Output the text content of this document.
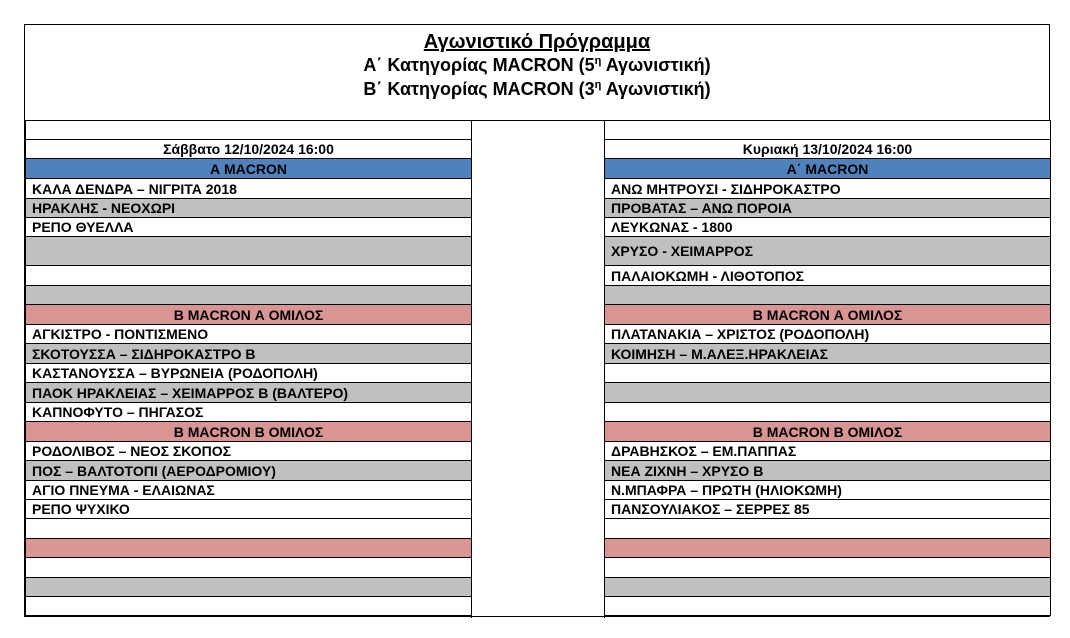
Αγωνιστικό Πρόγραμμα
Α΄ Κατηγορίας MACRON ($5^\eta$ Αγωνιστική)
Β΄ Κατηγορίας MACRON ($3^\eta$ Αγωνιστική)
Σάββατο 12/10/2024 16:00
Α MACRON
ΚΑΛΑ ΔΕΝΔΡΑ – ΝΙΓΡΙΤΑ 2018
ΗΡΑΚΛΗΣ - ΝΕΟΧΩΡΙ
ΡΕΠΟ ΘΥΕΛΛΑ
Β MACRON Α ΟΜΙΛΟΣ
ΑΓΚΙΣΤΡΟ - ΠΟΝΤΙΣΜΕΝΟ
ΣΚΟΤΟΥΣΣΑ – ΣΙΔΗΡΟΚΑΣΤΡΟ Β
ΚΑΣΤΑΝΟΥΣΣΑ – ΒΥΡΩΝΕΙΑ (ΡΟΔΟΠΟΛΗ)
ΠΑΟΚ ΗΡΑΚΛΕΙΑΣ – ΧΕΙΜΑΡΡΟΣ Β (ΒΑΛΤΕΡΟ)
ΚΑΠΝΟΦΥΤΟ – ΠΗΓΑΣΟΣ
Β MACRON Β ΟΜΙΛΟΣ
ΡΟΔΟΛΙΒΟΣ – ΝΕΟΣ ΣΚΟΠΟΣ
ΠΟΣ – ΒΑΛΤΟΤΟΠΙ (ΑΕΡΟΔΡΟΜΙΟΥ)
ΑΓΙΟ ΠΝΕΥΜΑ - ΕΛΑΙΩΝΑΣ
ΡΕΠΟ ΨΥΧΙΚΟ
Κυριακή 13/10/2024 16:00
Α΄ MACRON
ΑΝΩ ΜΗΤΡΟΥΣΙ - ΣΙΔΗΡΟΚΑΣΤΡΟ
ΠΡΟΒΑΤΑΣ – ΑΝΩ ΠΟΡΟΙΑ
ΛΕΥΚΩΝΑΣ - 1800
ΧΡΥΣΟ - ΧΕΙΜΑΡΡΟΣ
ΠΑΛΑΙΟΚΩΜΗ - ΛΙΘΟΤΟΠΟΣ
Β MACRON Α ΟΜΙΛΟΣ
ΠΛΑΤΑΝΑΚΙΑ – ΧΡΙΣΤΟΣ (ΡΟΔΟΠΟΛΗ)
ΚΟΙΜΗΣΗ – Μ.ΑΛΕΞ.ΗΡΑΚΛΕΙΑΣ
Β MACRON Β ΟΜΙΛΟΣ
ΔΡΑΒΗΣΚΟΣ – ΕΜ.ΠΑΠΠΑΣ
ΝΕΑ ΖΙΧΝΗ – ΧΡΥΣΟ Β
Ν.ΜΠΑΦΡΑ – ΠΡΩΤΗ (ΗΛΙΟΚΩΜΗ)
ΠΑΝΣΟΥΛΙΑΚΟΣ – ΣΕΡΡΕΣ 85
